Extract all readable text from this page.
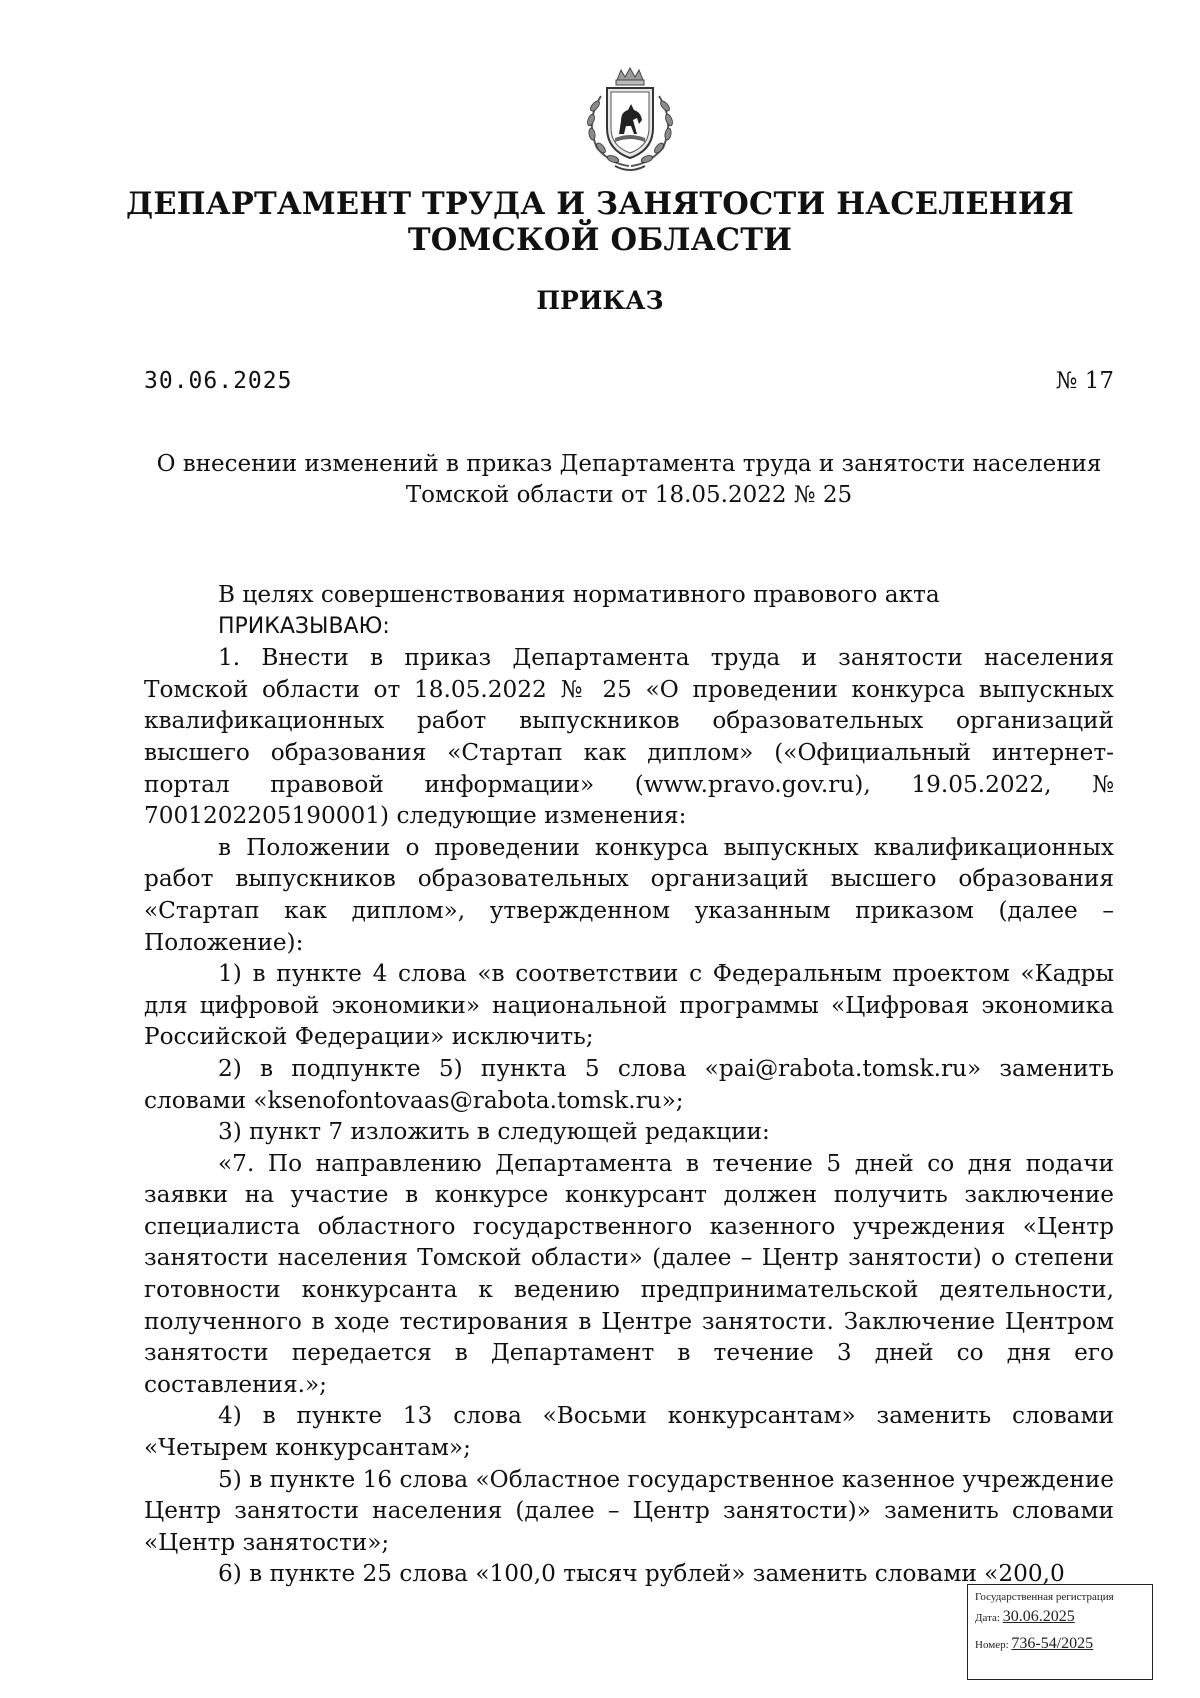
ДЕПАРТАМЕНТ ТРУДА И ЗАНЯТОСТИ НАСЕЛЕНИЯ
ТОМСКОЙ ОБЛАСТИ
ПРИКАЗ
30.06.2025	№ 17
О внесении изменений в приказ Департамента труда и занятости населения
Томской области от 18.05.2022 № 25

В целях совершенствования нормативного правового акта

ПРИКАЗЫВАЮ:

1. Внести в приказ Департамента труда и занятости населения Томской области от 18.05.2022 № 25 «О проведении конкурса выпускных квалификационных работ выпускников образовательных организаций высшего образования «Стартап как диплом» («Официальный интернет-портал правовой информации» (www.pravo.gov.ru), 19.05.2022, № 7001202205190001) следующие изменения:

в Положении о проведении конкурса выпускных квалификационных работ выпускников образовательных организаций высшего образования «Стартап как диплом», утвержденном указанным приказом (далее – Положение):

1) в пункте 4 слова «в соответствии с Федеральным проектом «Кадры для цифровой экономики» национальной программы «Цифровая экономика Российской Федерации» исключить;

2) в подпункте 5) пункта 5 слова «pai@rabota.tomsk.ru» заменить словами «ksenofontovaas@rabota.tomsk.ru»;

3) пункт 7 изложить в следующей редакции:

«7. По направлению Департамента в течение 5 дней со дня подачи заявки на участие в конкурсе конкурсант должен получить заключение специалиста областного государственного казенного учреждения «Центр занятости населения Томской области» (далее – Центр занятости) о степени готовности конкурсанта к ведению предпринимательской деятельности, полученного в ходе тестирования в Центре занятости. Заключение Центром занятости передается в Департамент в течение 3 дней со дня его составления.»;

4) в пункте 13 слова «Восьми конкурсантам» заменить словами «Четырем конкурсантам»;

5) в пункте 16 слова «Областное государственное казенное учреждение Центр занятости населения (далее – Центр занятости)» заменить словами «Центр занятости»;

6) в пункте 25 слова «100,0 тысяч рублей» заменить словами «200,0

Государственная регистрация
Дата: 30.06.2025
Номер: 736-54/2025
